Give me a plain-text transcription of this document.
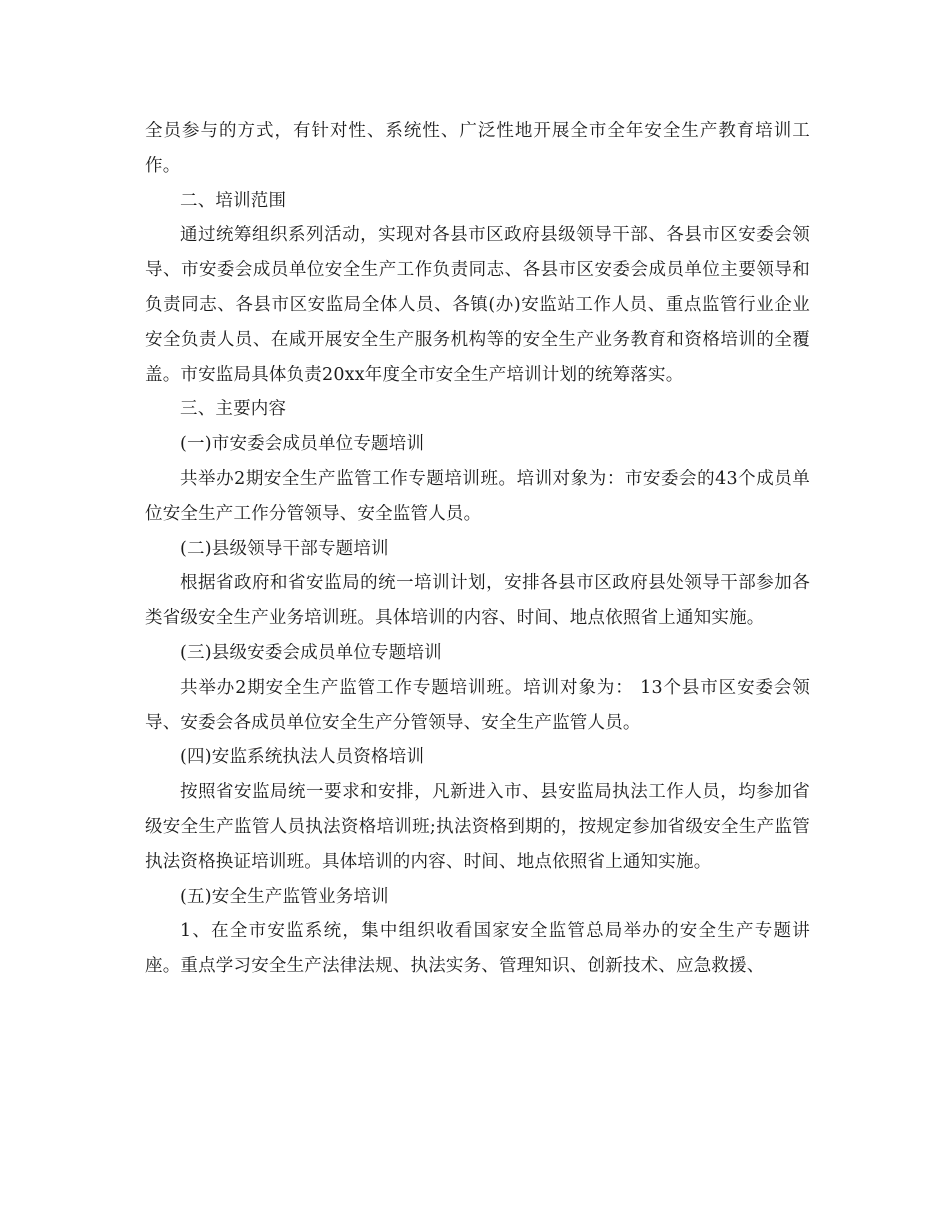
全员参与的方式，有针对性、系统性、广泛性地开展全市全年安全生产教育培训工作。

二、培训范围

通过统筹组织系列活动，实现对各县市区政府县级领导干部、各县市区安委会领导、市安委会成员单位安全生产工作负责同志、各县市区安委会成员单位主要领导和负责同志、各县市区安监局全体人员、各镇(办)安监站工作人员、重点监管行业企业安全负责人员、在咸开展安全生产服务机构等的安全生产业务教育和资格培训的全覆盖。市安监局具体负责20xx年度全市安全生产培训计划的统筹落实。

三、主要内容

(一)市安委会成员单位专题培训

共举办2期安全生产监管工作专题培训班。培训对象为：市安委会的43个成员单位安全生产工作分管领导、安全监管人员。

(二)县级领导干部专题培训

根据省政府和省安监局的统一培训计划，安排各县市区政府县处领导干部参加各类省级安全生产业务培训班。具体培训的内容、时间、地点依照省上通知实施。

(三)县级安委会成员单位专题培训

共举办2期安全生产监管工作专题培训班。培训对象为： 13个县市区安委会领导、安委会各成员单位安全生产分管领导、安全生产监管人员。

(四)安监系统执法人员资格培训

按照省安监局统一要求和安排，凡新进入市、县安监局执法工作人员，均参加省级安全生产监管人员执法资格培训班;执法资格到期的，按规定参加省级安全生产监管执法资格换证培训班。具体培训的内容、时间、地点依照省上通知实施。

(五)安全生产监管业务培训

1、在全市安监系统，集中组织收看国家安全监管总局举办的安全生产专题讲座。重点学习安全生产法律法规、执法实务、管理知识、创新技术、应急救援、
